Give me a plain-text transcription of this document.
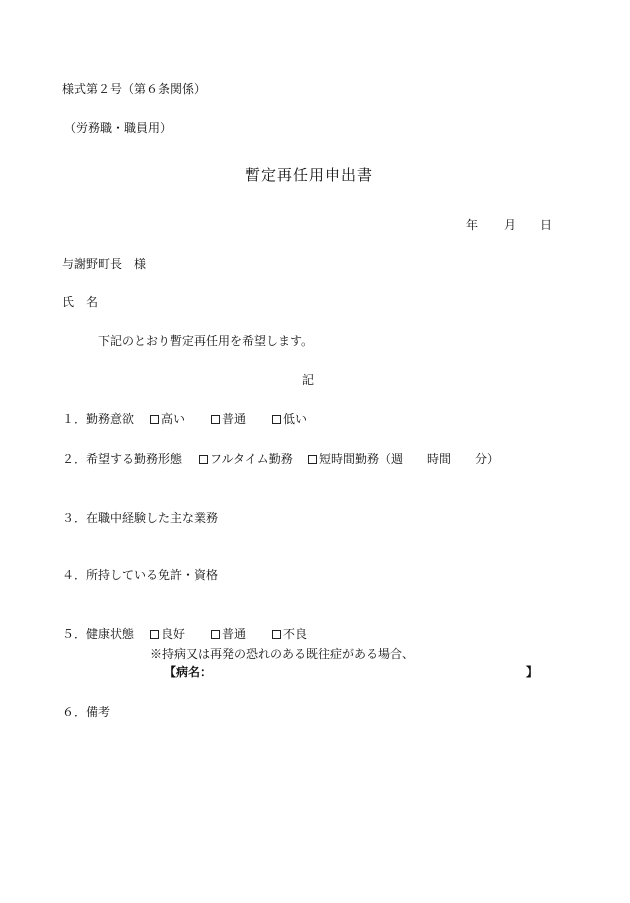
様式第２号（第６条関係）
（労務職・職員用）
暫定再任用申出書
年 月 日
与謝野町長　様
氏　名
下記のとおり暫定再任用を希望します。
記
１．勤務意欲	高い	普通	低い
２．希望する勤務形態	フルタイム勤務	短時間勤務（週　　時間　　分）
３．在職中経験した主な業務
４．所持している免許・資格
５．健康状態	良好	普通	不良
※持病又は再発の恐れのある既往症がある場合、
【病名：	】
６．備考
